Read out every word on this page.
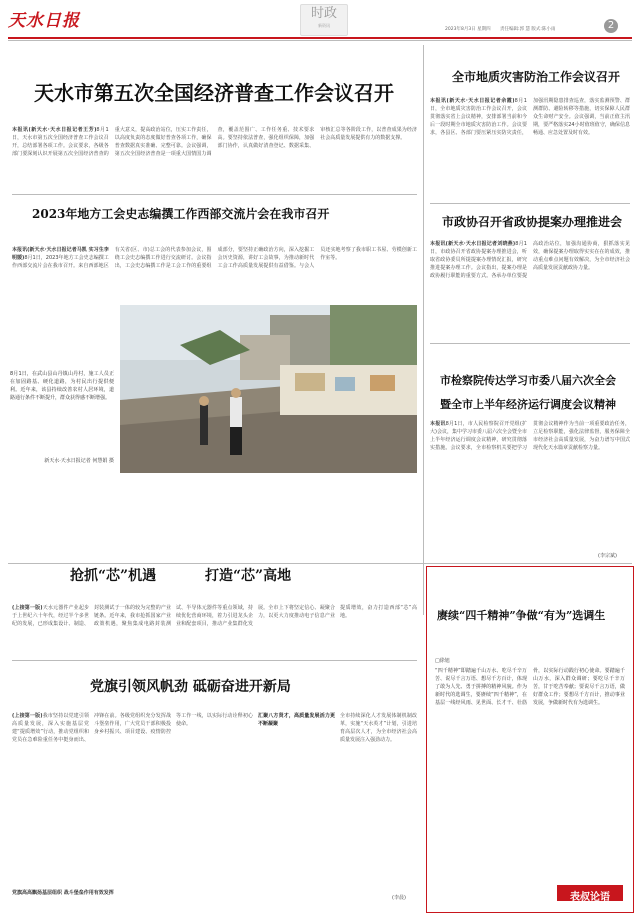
天水日报	时政
新资讯
2023年8月3日 星期四 责任编辑:郭 慧 版式:陈小雨	2
天水市第五次全国经济普查工作会议召开
本报讯(新天水·天水日报记者王芳)8月1日，天水市第五次全国经济普查工作会议召开，总结部署各项工作。会议要求，各级各部门要深刻认识开展第五次全国经济普查的重大意义，提高政治站位，压实工作责任，以高度负责的态度做好普查各项工作，确保普查数据真实准确、完整可靠。会议强调，第五次全国经济普查是一项重大国情国力调查，覆盖范围广、工作任务重、技术要求高。要坚持依法普查，强化组织保障，加强部门协作，认真做好清查登记、数据采集、审核汇总等各阶段工作，以普查成果为经济社会高质量发展提供有力的数据支撑。
2023年地方工会史志编撰工作西部交流片会在我市召开
本报讯(新天水·天水日报记者马凯 实习生李明媛)8月1日，2023年地方工会史志编撰工作西部交流片会在我市召开。来自西部地区有关省(区、市)总工会的代表参加会议，围绕工会史志编撰工作进行交流研讨。会议指出，工会史志编撰工作是工会工作的重要组成部分，要坚持正确政治方向，深入挖掘工会历史资源，讲好工会故事，为推动新时代工会工作高质量发展提供有益借鉴。与会人员还实地考察了我市职工书屋、劳模创新工作室等。
8月1日，在武山县山丹镇山丹村，施工人员正在加固路基、硬化道路，为村民出行提供便利。近年来，该县持续改善农村人居环境，道路通行条件不断提升，群众获得感不断增强。
新天水·天水日报记者 何慧娟 摄
全市地质灾害防治工作会议召开
本报讯(新天水·天水日报记者余霞)8月1日，全市地质灾害防治工作会议召开，会议贯彻落实省上会议精神，安排部署当前和今后一段时期全市地质灾害防治工作。会议要求，各县区、各部门要压紧压实防灾责任，加强汛期隐患排查巡查，落实监测预警、群测群防、避险转移等措施，切实保障人民群众生命财产安全。会议强调，当前正值主汛期，要严格落实24小时值班值守，确保信息畅通、应急处置及时有效。
市政协召开省政协提案办理推进会
本报讯(新天水·天水日报记者刘晓燕)8月1日，市政协召开省政协提案办理推进会，听取省政协委员所提提案办理情况汇报，研究推进提案办理工作。会议指出，提案办理是政协履行职能的重要方式。各承办单位要提高政治站位，加强沟通协商，狠抓落实见效，确保提案办理取得实实在在的成效，推动重点难点问题有效解决，为全市经济社会高质量发展贡献政协力量。
市检察院传达学习市委八届六次全会
暨全市上半年经济运行调度会议精神
本报讯8月1日，市人民检察院召开党组(扩大)会议，集中学习市委八届六次全会暨全市上半年经济运行调度会议精神，研究贯彻落实措施。会议要求，全市检察机关要把学习贯彻会议精神作为当前一项重要政治任务，立足检察职能，强化法律监督，服务保障全市经济社会高质量发展，为奋力谱写中国式现代化天水篇章贡献检察力量。
(李宗斌)
抢抓“芯”机遇	打造“芯”高地
(上接第一版)天水元器件产业起步于上世纪六十年代，经过半个多世纪的发展，已形成集设计、制造、封装测试于一体的较为完整的产业链条。近年来，我市抢抓国家产业政策机遇，聚焦集成电路封装测试、半导体元器件等重点领域，持续优化营商环境，着力引进龙头企业和配套项目，推动产业集群化发展。全市上下将坚定信心、凝聚合力，以更大力度推动电子信息产业提质增效，奋力打造西部“芯”高地。
党旗引领风帆劲 砥砺奋进开新局
(上接第一版)我市坚持以党建引领高质量发展，深入实施基层党建“提质增效”行动，推动党组织和党员在急难险重任务中挺身而出、冲锋在前。各级党组织充分发挥战斗堡垒作用，广大党员干部积极投身乡村振兴、项目建设、疫情防控等工作一线，以实际行动诠释初心使命。
汇聚八方贤才，高质量发展活力更不断凝聚
全市持续深化人才发展体制机制改革，实施“天水英才”计划，引进培育高层次人才，为全市经济社会高质量发展注入强劲动力。
党旗高高飘扬基层组织 战斗堡垒作用有效发挥
(李晨)
赓续“四千精神”争做“有为”选调生
□徐旭
“四千精神”即踏遍千山万水、吃尽千辛万苦、说尽千言万语、想尽千方百计，体现了敢为人先、勇于拼搏的精神风貌。作为新时代的选调生，要赓续“四千精神”，在基层一线经风雨、见世面、长才干、壮筋骨，以实际行动践行初心使命。要踏遍千山万水，深入群众调研；要吃尽千辛万苦，甘于吃苦奉献；要说尽千言万语，做好群众工作；要想尽千方百计，推动事业发展，争做新时代有为选调生。
表叔论语
